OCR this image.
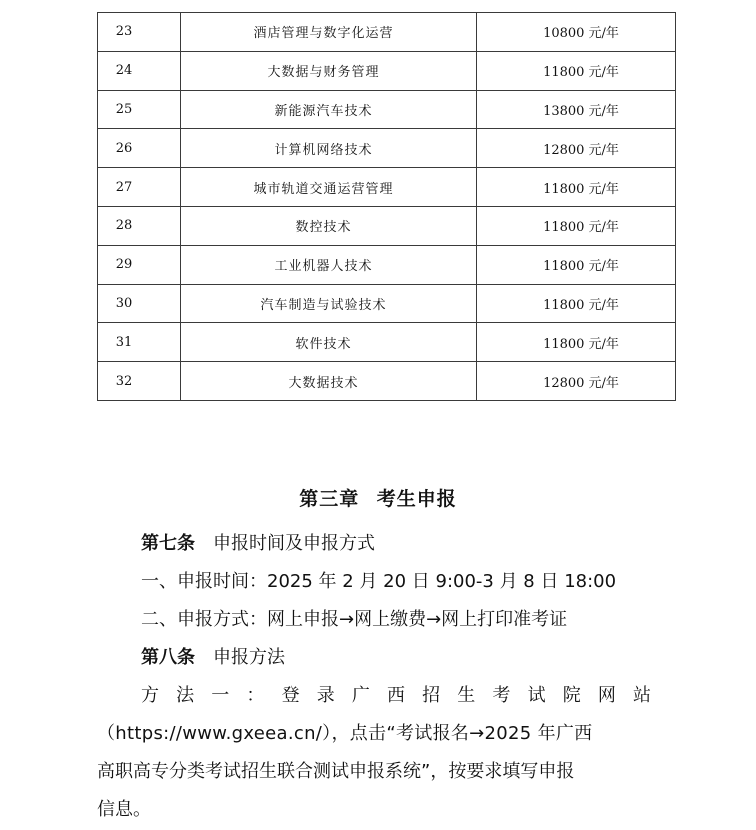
23	酒店管理与数字化运营	10800 元/年
24	大数据与财务管理	11800 元/年
25	新能源汽车技术	13800 元/年
26	计算机网络技术	12800 元/年
27	城市轨道交通运营管理	11800 元/年
28	数控技术	11800 元/年
29	工业机器人技术	11800 元/年
30	汽车制造与试验技术	11800 元/年
31	软件技术	11800 元/年
32	大数据技术	12800 元/年
第三章 考生申报
第七条 申报时间及申报方式
一、申报时间：2025 年 2 月 20 日 9:00-3 月 8 日 18:00
二、申报方式：网上申报→网上缴费→网上打印准考证
第八条 申报方法
方法一：登录广西招生考试院网站
（https://www.gxeea.cn/），点击“考试报名→2025 年广西
高职高专分类考试招生联合测试申报系统”，按要求填写申报
信息。
